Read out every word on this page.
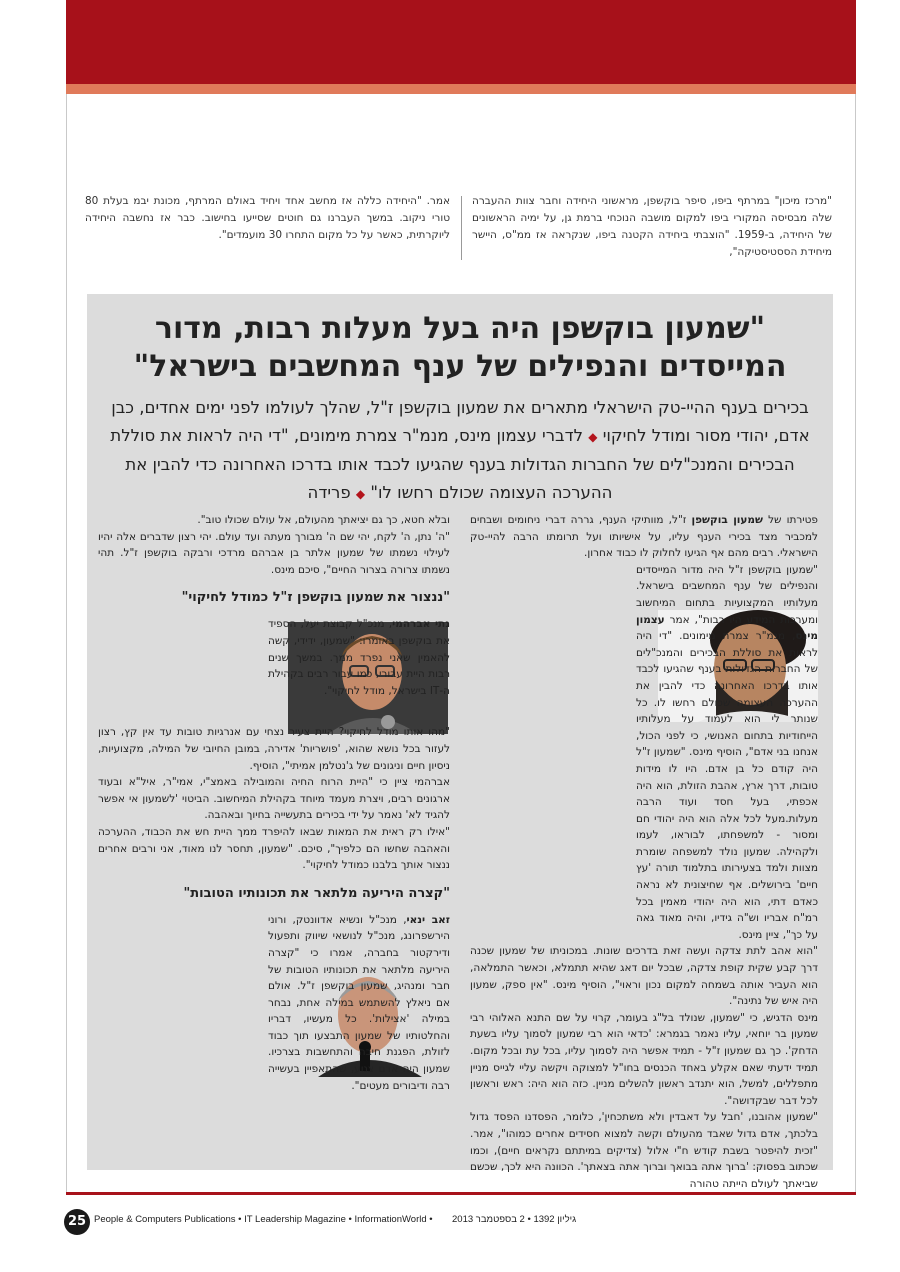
"מרכז מיכון" במרתף ביפו, סיפר בוקשפן, מראשוני היחידה וחבר צוות ההעברה שלה מבסיסה המקורי ביפו למקום מושבה הנוכחי ברמת גן, על ימיה הראשונים של היחידה, ב-1959. "הוצבתי ביחידה הקטנה ביפו, שנקראה אז ממ"ס, היישר מיחידת הססטיסטיקה",
אמר. "היחידה כללה אז מחשב אחד ויחיד באולם המרתף, מכונת יבמ בעלת 80 טורי ניקוב. במשך העברנו גם חוטים שסייעו בחישוב. כבר אז נחשבה היחידה ליוקרתית, כאשר על כל מקום התחרו 30 מועמדים".
"שמעון בוקשפן היה בעל מעלות רבות, מדור המייסדים והנפילים של ענף המחשבים בישראל"
בכירים בענף ההיי-טק הישראלי מתארים את שמעון בוקשפן ז"ל, שהלך לעולמו לפני ימים אחדים, כבן אדם, יהודי מסור ומודל לחיקוי ◆ לדברי עצמון מינס, מנמ"ר צמרת מימונים, "די היה לראות את סוללת הבכירים והמנכ"לים של החברות הגדולות בענף שהגיעו לכבד אותו בדרכו האחרונה כדי להבין את ההערכה העצומה שכולם רחשו לו" ◆ פרידה

פטירתו של שמעון בוקשפן ז"ל, מוותיקי הענף, גררה דברי ניחומים ושבחים למכביר מצד בכירי הענף עליו, על אישיותו ועל תרומתו הרבה להיי-טק הישראלי. רבים מהם אף הגיעו לחלוק לו כבוד אחרון.

"שמעון בוקשפן ז"ל היה מדור המייסדים והנפילים של ענף המחשבים בישראל. מעלותיו המקצועיות בתחום המיחשוב ומערכות המידע היו רבות", אמר עצמון מינס, מנמ"ר צמרת מימונים. "די היה לראות את סוללת הבכירים והמנכ"לים של החברות הגדולות בענף שהגיעו לכבד אותו בדרכו האחרונה כדי להבין את ההערכה העצומה שכולם רחשו לו. כל שנותר לי הוא לעמוד על מעלותיו הייחודיות בתחום האנושי, כי לפני הכול, אנחנו בני אדם", הוסיף מינס. "שמעון ז"ל היה קודם כל בן אדם. היו לו מידות טובות, דרך ארץ, אהבת הזולת, הוא היה אכפתי, בעל חסד ועוד הרבה מעלות.מעל לכל אלה הוא היה יהודי חם ומסור - למשפחתו, לבוראו, לעמו ולקהילה. שמעון נולד למשפחה שומרת מצוות ולמד בצעירותו בתלמוד תורה 'עץ חיים' בירושלים. אף שחיצונית לא נראה כאדם דתי, הוא היה יהודי מאמין בכל רמ"ח אבריו וש"ה גידיו, והיה מאוד גאה על כך", ציין מינס.

"הוא אהב לתת צדקה ועשה זאת בדרכים שונות. במכוניתו של שמעון שכנה דרך קבע שקית קופת צדקה, שבכל יום דאג שהיא תתמלא, וכאשר התמלאה, הוא העביר אותה בשמחה למקום נכון וראוי", הוסיף מינס. "אין ספק, שמעון היה איש של נתינה".

מינס הדגיש, כי "שמעון, שנולד בל"ג בעומר, קרוי על שם התנא האלוהי רבי שמעון בר יוחאי, עליו נאמר בגמרא: 'כדאי הוא רבי שמעון לסמוך עליו בשעת הדחק'. כך גם שמעון ז"ל - תמיד אפשר היה לסמוך עליו, בכל עת ובכל מקום. תמיד ידעתי שאם אקלע באחד הכנסים בחו"ל למצוקה ויקשה עליי לגייס מניין מתפללים, למשל, הוא יתנדב ראשון להשלים מניין. כזה הוא היה: ראש וראשון לכל דבר שבקדושה".

"שמעון אהובנו, 'חבל על דאבדין ולא משתכחין', כלומר, הפסדנו הפסד גדול בלכתך, אדם גדול שאבד מהעולם וקשה למצוא חסידים אחרים כמוהו", אמר. "זכית להיפטר בשבת קודש ח"י אלול (צדיקים במיתתם נקראים חיים), וכמו שכתוב בפסוק: 'ברוך אתה בבואך וברוך אתה בצאתך'. הכוונה היא לכך, שכשם שביאתך לעולם הייתה טהורה

ובלא חטא, כך גם יציאתך מהעולם, אל עולם שכולו טוב".

"ה' נתן, ה' לקח, יהי שם ה' מבורך מעתה ועד עולם. יהי רצון שדברים אלה יהיו לעילוי נשמתו של שמעון אלתר בן אברהם מרדכי ורבקה בוקשפן ז"ל. תהי נשמתו צרורה בצרור החיים", סיכם מינס.

"ננצור את שמעון בוקשפן ז"ל כמודל לחיקוי"

נתי אברהמי, מנכ"ל קבוצת יעל, הספיד את בוקשפן באומרו: "שמעון, ידידי, קשה להאמין שאני נפרד ממך. במשך שנים רבות היית עבורי, כמו עבור רבים בקהילת ה-IT בישראל, מודל לחיקוי".

"מהו אותו מודל לחיקוי? היית צעיר נצחי עם אנרגיות טובות עד אין קץ, רצון לעזור בכל נושא שהוא, 'פושריות' אדירה, במובן החיובי של המילה, מקצועיות, ניסיון חיים וניגונים של ג'נטלמן אמיתי", הוסיף.

אברהמי ציין כי "היית הרוח החיה והמובילה באמצ"י, אמי"ר, איל"א ובעוד ארגונים רבים, ויצרת מעמד מיוחד בקהילת המיחשוב. הביטוי 'לשמעון אי אפשר להגיד לא' נאמר על ידי בכירים בתעשייה בחיוך ובאהבה.

"אילו רק ראית את המאות שבאו להיפרד ממך היית חש את הכבוד, ההערכה והאהבה שחשו הם כלפיך", סיכם. "שמעון, תחסר לנו מאוד, אני ורבים אחרים ננצור אותך בלבנו כמודל לחיקוי".

"קצרה היריעה מלתאר את תכונותיו הטובות"

זאב ינאי, מנכ"ל ונשיא אדוונטק, ורוני הירשפרונג, מנכ"ל לנושאי שיווק ותפעול ודירקטור בחברה, אמרו כי "קצרה היריעה מלתאר את תכונותיו הטובות של חבר ומנהיג, שמעון בוקשפן ז"ל. אולם אם ניאלץ להשתמש במילה אחת, נבחר במילה 'אצילות'. כל מעשיו, דבריו והחלטותיו של שמעון התבצעו תוך כבוד לזולת, הפגנת חיבה והתחשבות בצרכיו. שמעון היה אדם צנוע, שהתאפיין בעשייה רבה ודיבורים מעטים".

25 People & Computers Publications • IT Leadership Magazine • InformationWorld • גיליון 1392 • 2 בספטמבר 2013
